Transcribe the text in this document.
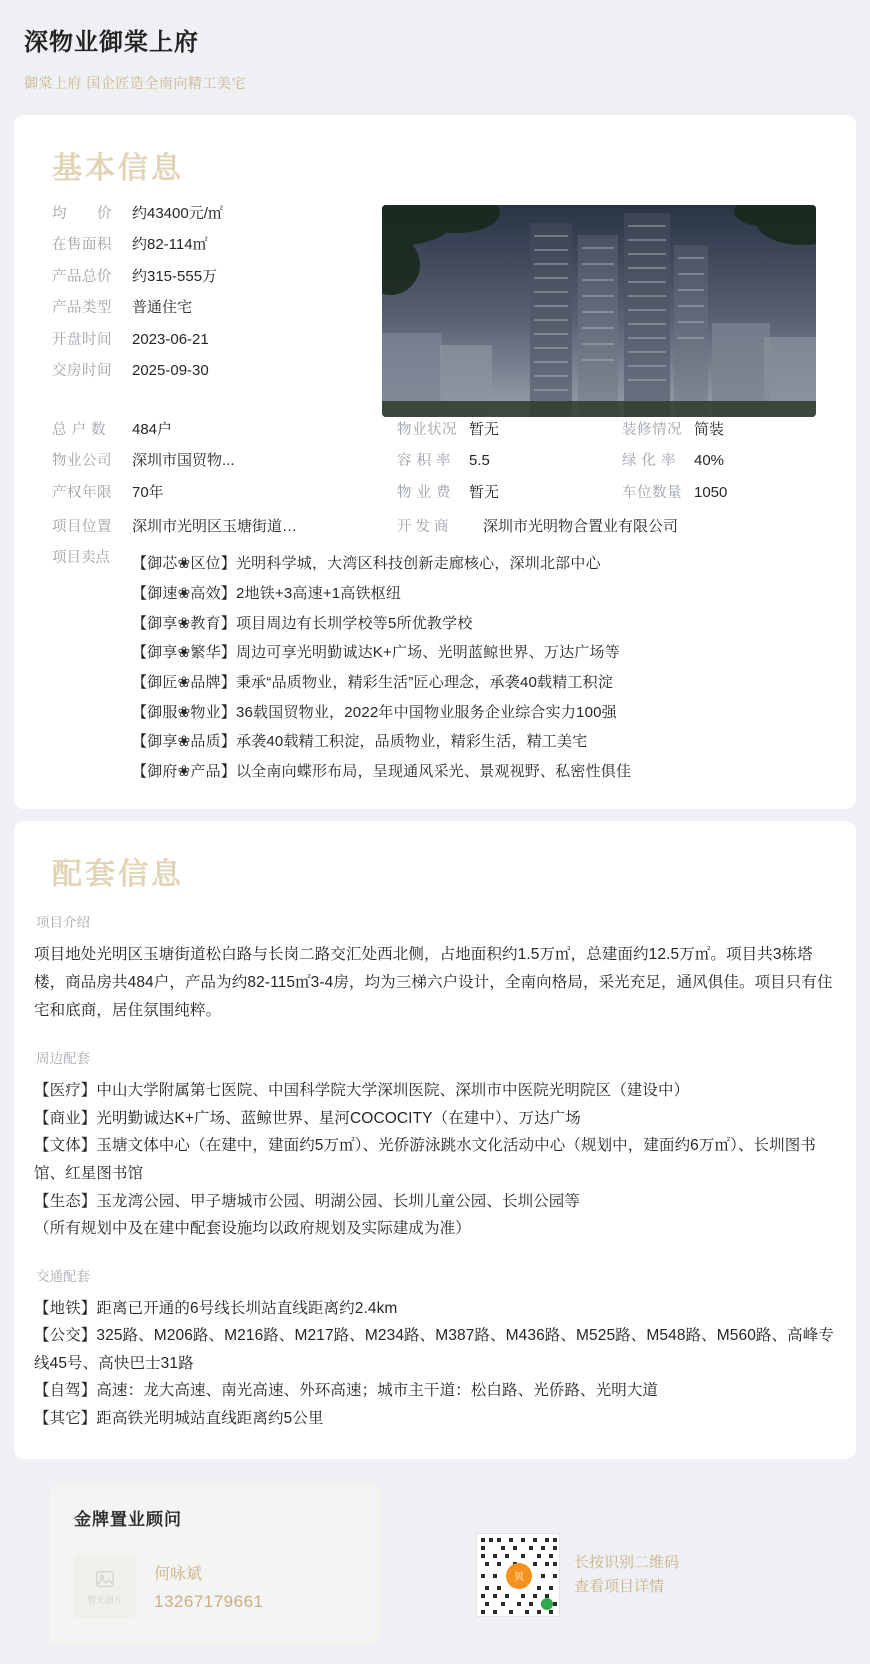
深物业御棠上府
御棠上府 国企匠造全南向精工美宅
基本信息
均　　价	约43400元/㎡
在售面积	约82-114㎡
产品总价	约315-555万
产品类型	普通住宅
开盘时间	2023-06-21
交房时间	2025-09-30
总 户 数	484户	物业状况 暂无	装修情况 简装
物业公司	深圳市国贸物...	容 积 率	5.5	绿 化 率	40%
产权年限	70年	物 业 费	暂无	车位数量 1050
项目位置	深圳市光明区玉塘街道…	开 发 商	深圳市光明物合置业有限公司
项目卖点	【御芯❀区位】光明科学城，大湾区科技创新走廊核心，深圳北部中心
【御速❀高效】2地铁+3高速+1高铁枢纽
【御享❀教育】项目周边有长圳学校等5所优教学校
【御享❀繁华】周边可享光明勤诚达K+广场、光明蓝鲸世界、万达广场等
【御匠❀品牌】秉承“品质物业，精彩生活”匠心理念，承袭40载精工积淀
【御服❀物业】36载国贸物业，2022年中国物业服务企业综合实力100强
【御享❀品质】承袭40载精工积淀，品质物业，精彩生活，精工美宅
【御府❀产品】以全南向蝶形布局，呈现通风采光、景观视野、私密性俱佳
配套信息
项目介绍
项目地处光明区玉塘街道松白路与长岗二路交汇处西北侧，占地面积约1.5万㎡，总建面约12.5万㎡。项目共3栋塔楼，商品房共484户，产品为约82-115㎡3-4房，均为三梯六户设计，全南向格局，采光充足，通风俱佳。项目只有住宅和底商，居住氛围纯粹。
周边配套
【医疗】中山大学附属第七医院、中国科学院大学深圳医院、深圳市中医院光明院区（建设中）
【商业】光明勤诚达K+广场、蓝鲸世界、星河COCOCITY（在建中）、万达广场
【文体】玉塘文体中心（在建中，建面约5万㎡）、光侨游泳跳水文化活动中心（规划中，建面约6万㎡）、长圳图书馆、红星图书馆
【生态】玉龙湾公园、甲子塘城市公园、明湖公园、长圳儿童公园、长圳公园等
（所有规划中及在建中配套设施均以政府规划及实际建成为准）
交通配套
【地铁】距离已开通的6号线长圳站直线距离约2.4km
【公交】325路、M206路、M216路、M217路、M234路、M387路、M436路、M525路、M548路、M560路、高峰专线45号、高快巴士31路
【自驾】高速：龙大高速、南光高速、外环高速；城市主干道：松白路、光侨路、光明大道
【其它】距高铁光明城站直线距离约5公里
金牌置业顾问
暂无图片
何咏斌
13267179661
贝
长按识别二维码
查看项目详情
